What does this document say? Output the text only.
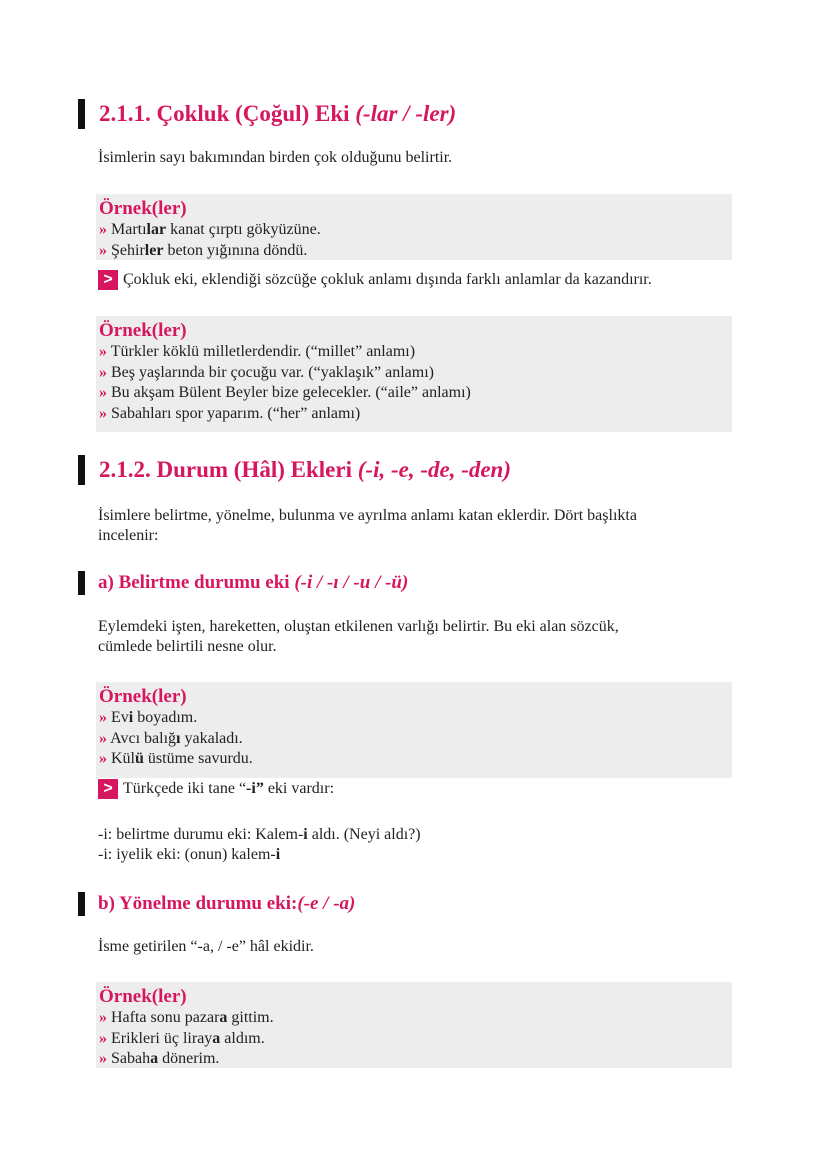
2.1.1. Çokluk (Çoğul) Eki (-lar / -ler)
İsimlerin sayı bakımından birden çok olduğunu belirtir.
Örnek(ler)
» Martılar kanat çırptı gökyüzüne.
» Şehirler beton yığınına döndü.
> Çokluk eki, eklendiği sözcüğe çokluk anlamı dışında farklı anlamlar da kazandırır.
Örnek(ler)
» Türkler köklü milletlerdendir. (“millet” anlamı)
» Beş yaşlarında bir çocuğu var. (“yaklaşık” anlamı)
» Bu akşam Bülent Beyler bize gelecekler. (“aile” anlamı)
» Sabahları spor yaparım. (“her” anlamı)
2.1.2. Durum (Hâl) Ekleri (-i, -e, -de, -den)
İsimlere belirtme, yönelme, bulunma ve ayrılma anlamı katan eklerdir. Dört başlıkta
incelenir:
a) Belirtme durumu eki (-i / -ı / -u / -ü)
Eylemdeki işten, hareketten, oluştan etkilenen varlığı belirtir. Bu eki alan sözcük,
cümlede belirtili nesne olur.
Örnek(ler)
» Evi boyadım.
» Avcı balığı yakaladı.
» Külü üstüme savurdu.
> Türkçede iki tane “-i” eki vardır:
-i: belirtme durumu eki: Kalem-i aldı. (Neyi aldı?)
-i: iyelik eki: (onun) kalem-i
b) Yönelme durumu eki:(-e / -a)
İsme getirilen “-a, / -e” hâl ekidir.
Örnek(ler)
» Hafta sonu pazara gittim.
» Erikleri üç liraya aldım.
» Sabaha dönerim.
